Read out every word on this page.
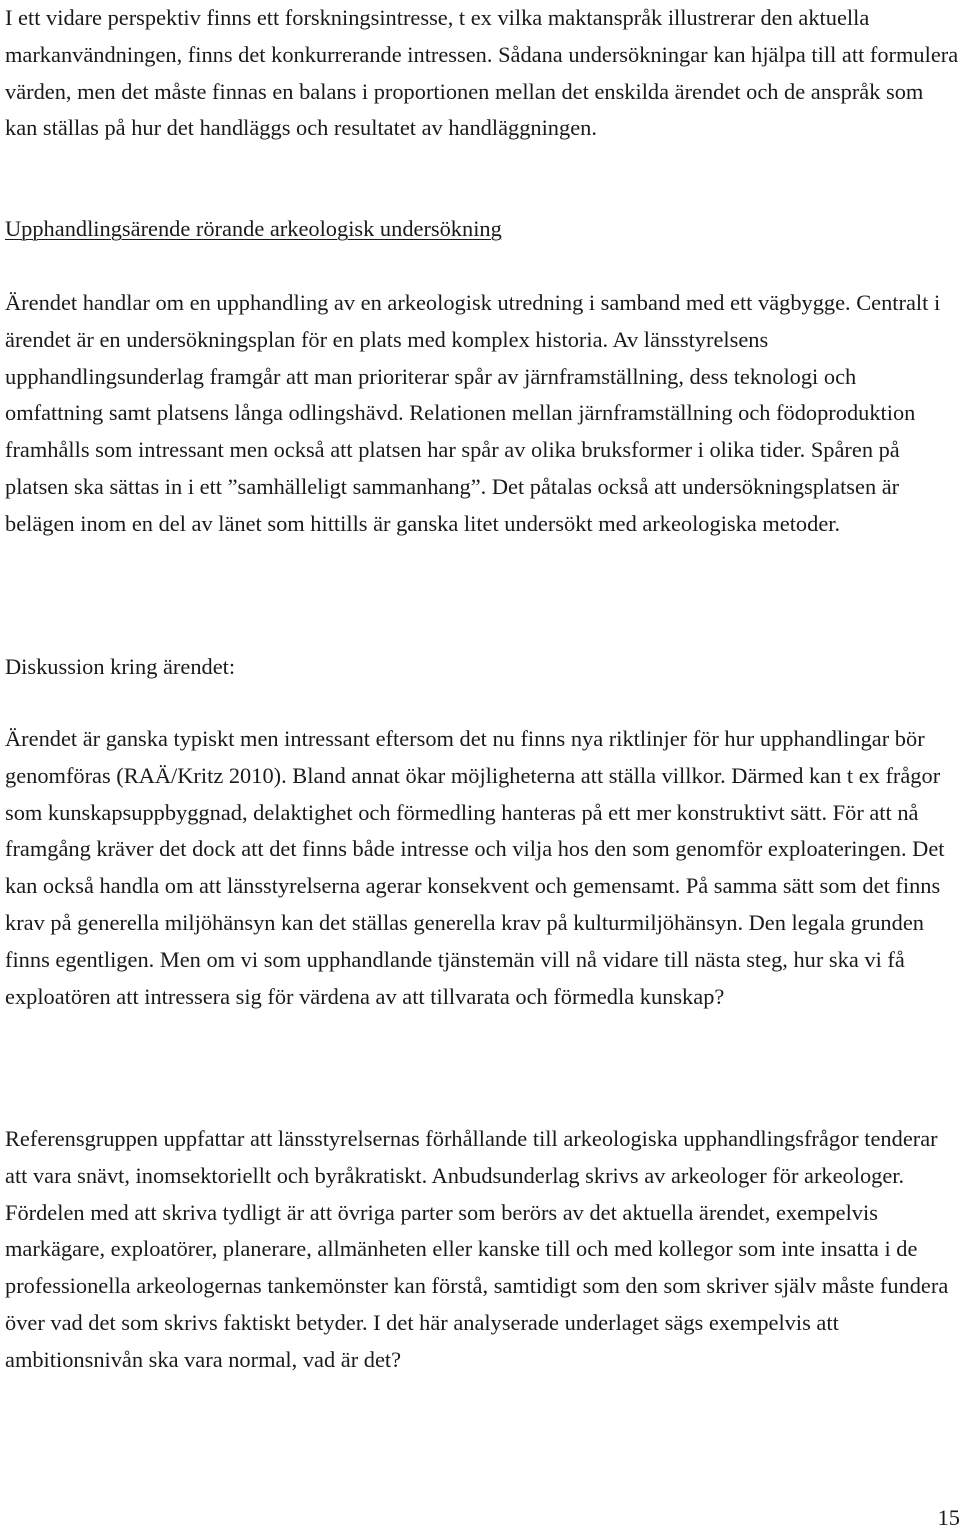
I ett vidare perspektiv finns ett forskningsintresse, t ex vilka maktanspråk illustrerar den aktuella markanvändningen, finns det konkurrerande intressen. Sådana undersökningar kan hjälpa till att formulera värden, men det måste finnas en balans i proportionen mellan det enskilda ärendet och de anspråk som kan ställas på hur det handläggs och resultatet av handläggningen.

Upphandlingsärende rörande arkeologisk undersökning

Ärendet handlar om en upphandling av en arkeologisk utredning i samband med ett vägbygge. Centralt i ärendet är en undersökningsplan för en plats med komplex historia. Av länsstyrelsens upphandlingsunderlag framgår att man prioriterar spår av järnframställning, dess teknologi och omfattning samt platsens långa odlingshävd. Relationen mellan järnframställning och födoproduktion framhålls som intressant men också att platsen har spår av olika bruksformer i olika tider. Spåren på platsen ska sättas in i ett ”samhälleligt sammanhang”. Det påtalas också att undersökningsplatsen är belägen inom en del av länet som hittills är ganska litet undersökt med arkeologiska metoder.

Diskussion kring ärendet:

Ärendet är ganska typiskt men intressant eftersom det nu finns nya riktlinjer för hur upphandlingar bör genomföras (RAÄ/Kritz 2010). Bland annat ökar möjligheterna att ställa villkor. Därmed kan t ex frågor som kunskapsuppbyggnad, delaktighet och förmedling hanteras på ett mer konstruktivt sätt. För att nå framgång kräver det dock att det finns både intresse och vilja hos den som genomför exploateringen. Det kan också handla om att länsstyrelserna agerar konsekvent och gemensamt. På samma sätt som det finns krav på generella miljöhänsyn kan det ställas generella krav på kulturmiljöhänsyn. Den legala grunden finns egentligen. Men om vi som upphandlande tjänstemän vill nå vidare till nästa steg, hur ska vi få exploatören att intressera sig för värdena av att tillvarata och förmedla kunskap?

Referensgruppen uppfattar att länsstyrelsernas förhållande till arkeologiska upphandlingsfrågor tenderar att vara snävt, inomsektoriellt och byråkratiskt. Anbudsunderlag skrivs av arkeologer för arkeologer. Fördelen med att skriva tydligt är att övriga parter som berörs av det aktuella ärendet, exempelvis markägare, exploatörer, planerare, allmänheten eller kanske till och med kollegor som inte insatta i de professionella arkeologernas tankemönster kan förstå, samtidigt som den som skriver själv måste fundera över vad det som skrivs faktiskt betyder. I det här analyserade underlaget sägs exempelvis att ambitionsnivån ska vara normal, vad är det?

15
